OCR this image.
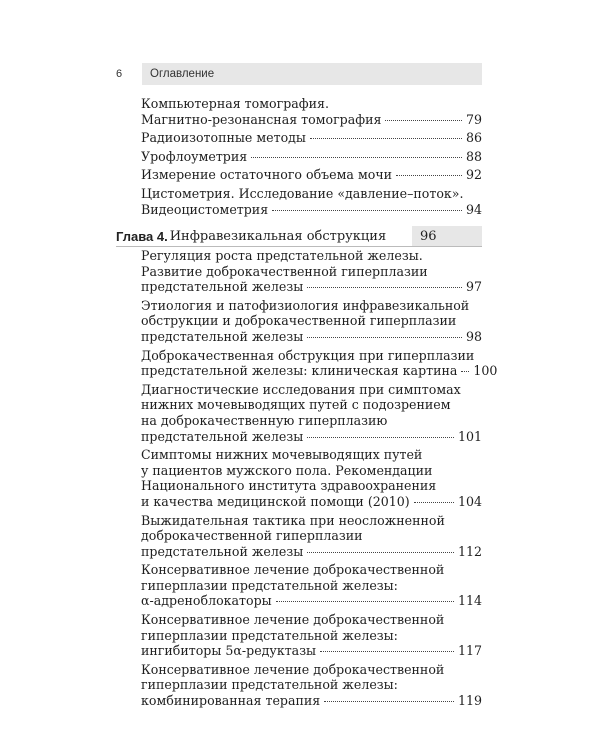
6	Оглавление
Компьютерная томография.
Магнитно-резонансная томография	79
Радиоизотопные методы	86
Урофлоуметрия	88
Измерение остаточного объема мочи	92
Цистометрия. Исследование «давление–поток».
Видеоцистометрия	94
Глава 4. Инфравезикальная обструкция	96
Регуляция роста предстательной железы.
Развитие доброкачественной гиперплазии
предстательной железы	97
Этиология и патофизиология инфравезикальной
обструкции и доброкачественной гиперплазии
предстательной железы	98
Доброкачественная обструкция при гиперплазии
предстательной железы: клиническая картина 100
Диагностические исследования при симптомах
нижних мочевыводящих путей с подозрением
на доброкачественную гиперплазию
предстательной железы	101
Симптомы нижних мочевыводящих путей
у пациентов мужского пола. Рекомендации
Национального института здравоохранения
и качества медицинской помощи (2010)	104
Выжидательная тактика при неосложненной
доброкачественной гиперплазии
предстательной железы	112
Консервативное лечение доброкачественной
гиперплазии предстательной железы:
α-адреноблокаторы	114
Консервативное лечение доброкачественной
гиперплазии предстательной железы:
ингибиторы 5α-редуктазы	117
Консервативное лечение доброкачественной
гиперплазии предстательной железы:
комбинированная терапия	119
